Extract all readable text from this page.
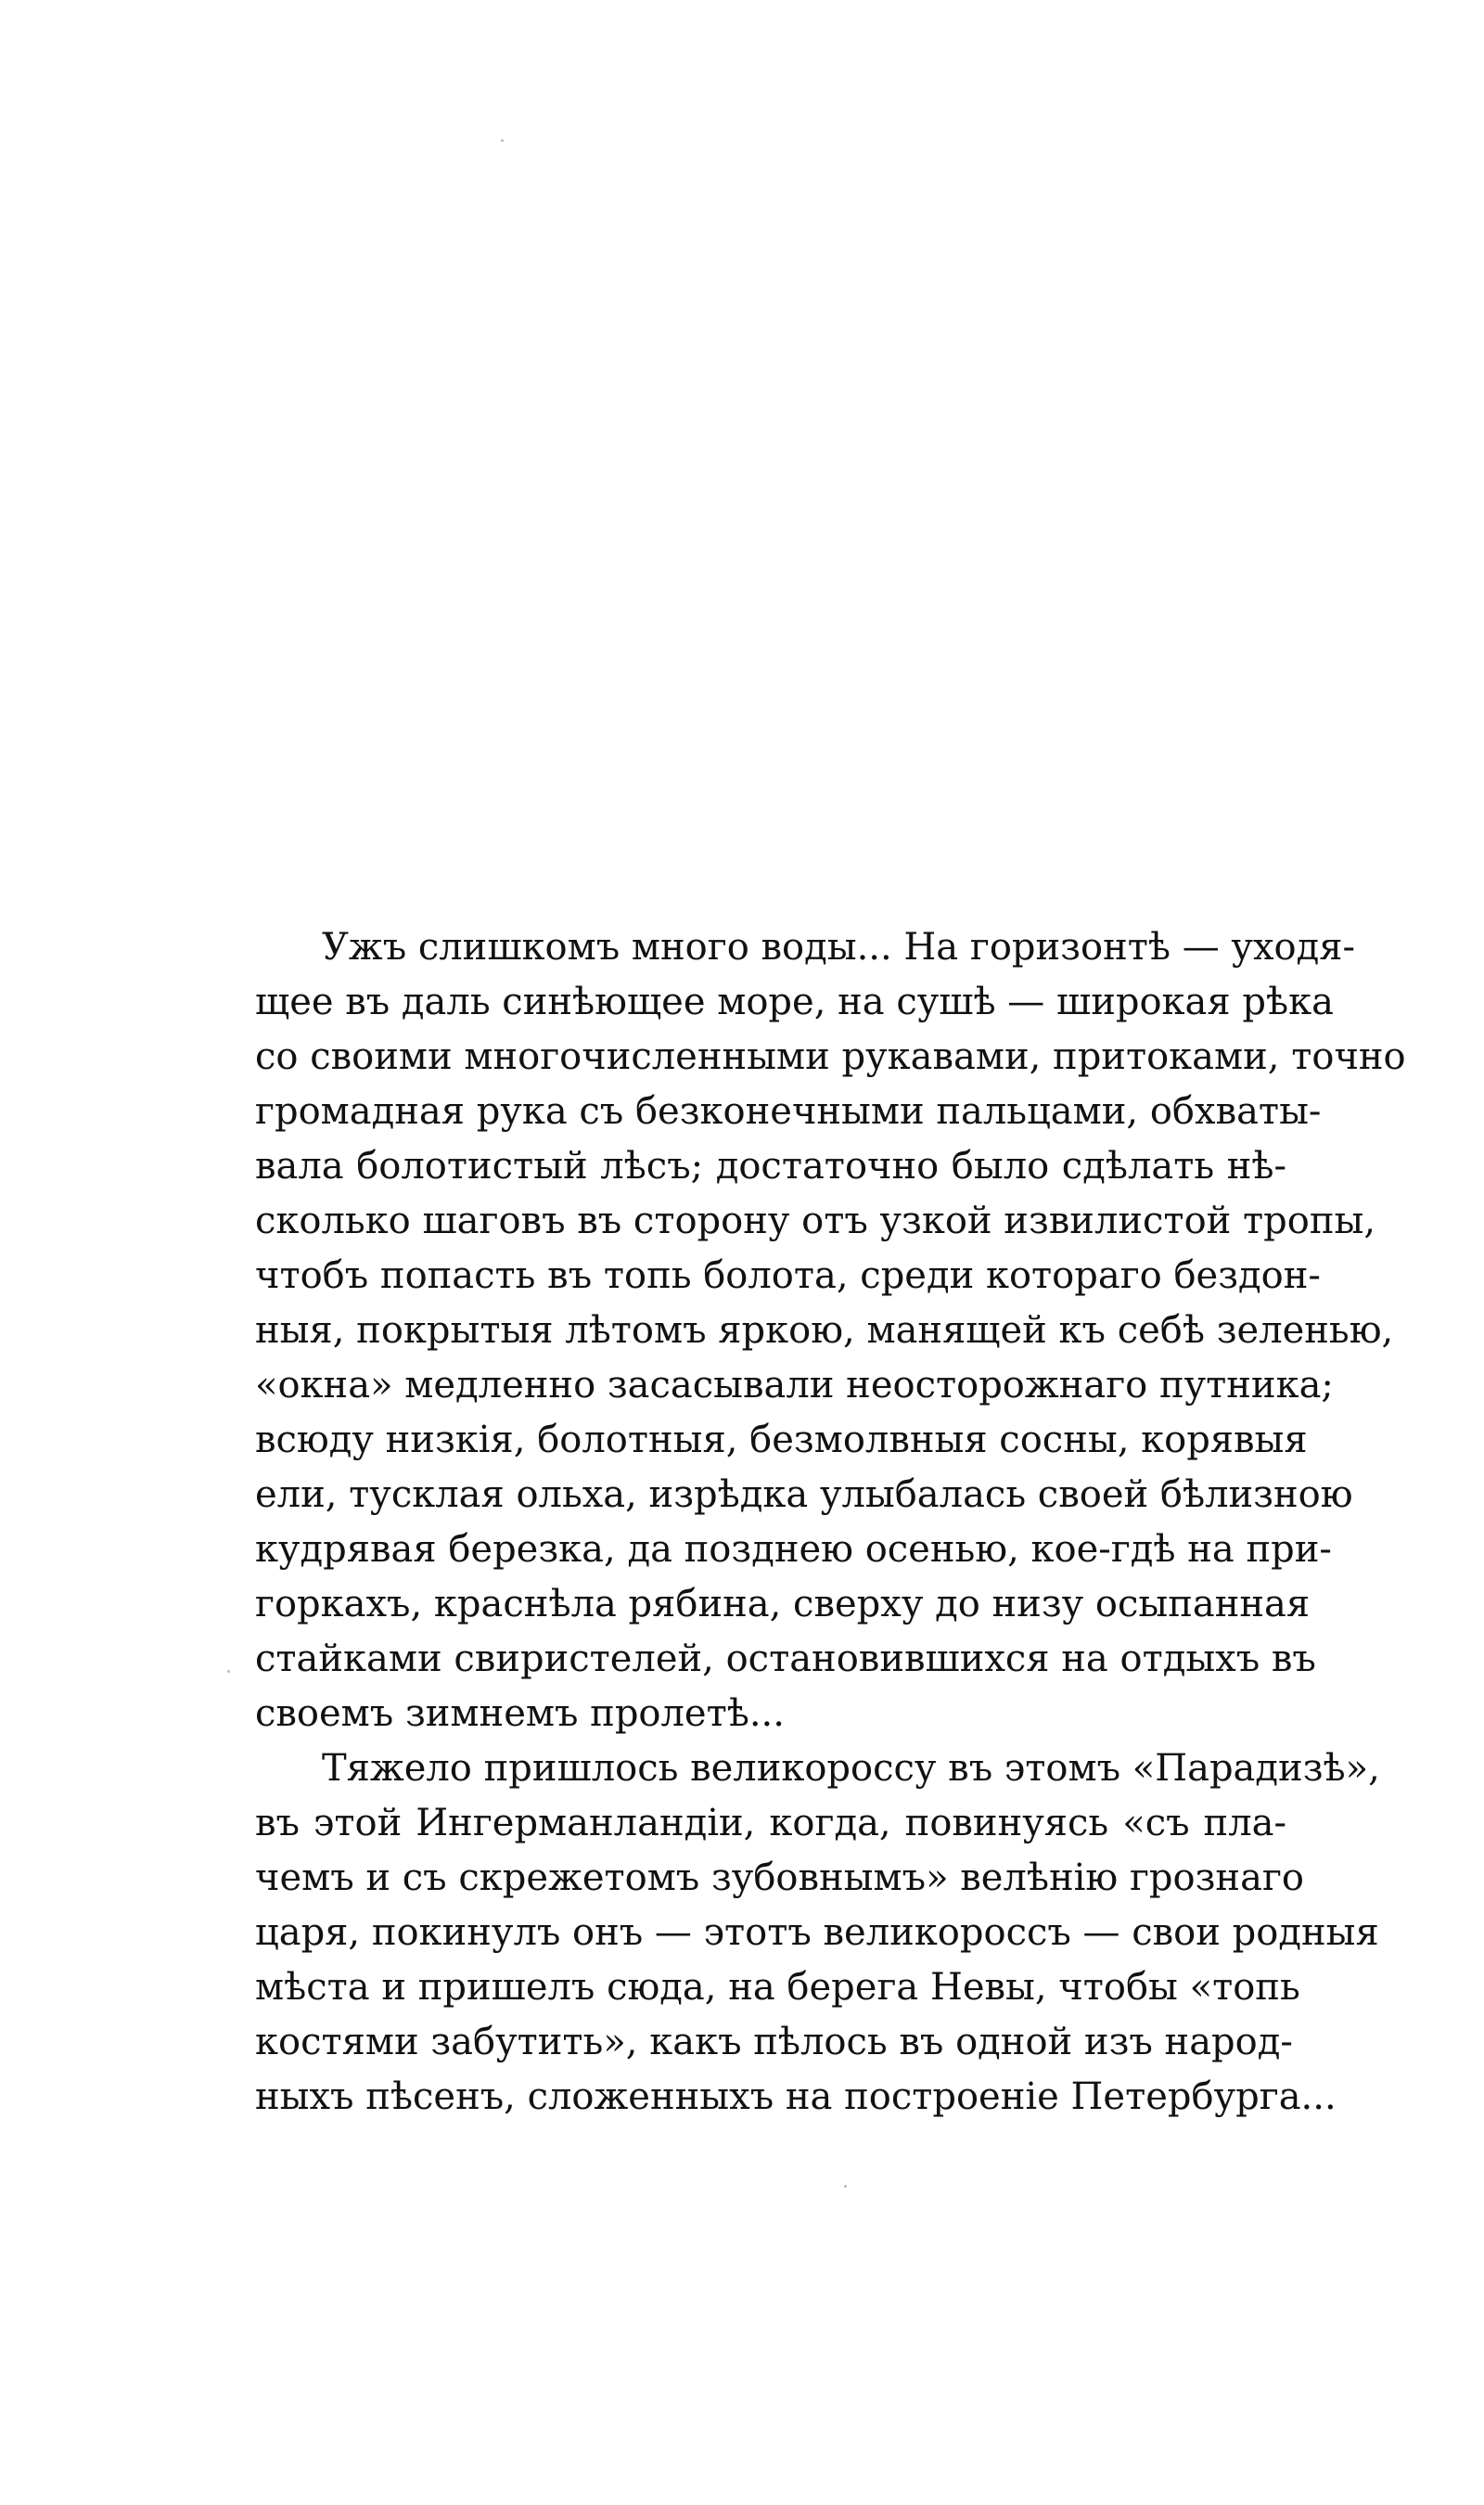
Ужъ слишкомъ много воды... На горизонтѣ — уходя-
щее въ даль синѣющее море, на сушѣ — широкая рѣка
со своими многочисленными рукавами, притоками, точно
громадная рука съ безконечными пальцами, обхваты-
вала болотистый лѣсъ; достаточно было сдѣлать нѣ-
сколько шаговъ въ сторону отъ узкой извилистой тропы,
чтобъ попасть въ топь болота, среди котораго бездон-
ныя, покрытыя лѣтомъ яркою, манящей къ себѣ зеленью,
«окна» медленно засасывали неосторожнаго путника;
всюду низкія, болотныя, безмолвныя сосны, корявыя
ели, тусклая ольха, изрѣдка улыбалась своей бѣлизною
кудрявая березка, да позднею осенью, кое-гдѣ на при-
горкахъ, краснѣла рябина, сверху до низу осыпанная
стайками свиристелей, остановившихся на отдыхъ въ
своемъ зимнемъ пролетѣ...
Тяжело пришлось великороссу въ этомъ «Парадизѣ»,
въ этой Ингерманландіи, когда, повинуясь «съ пла-
чемъ и съ скрежетомъ зубовнымъ» велѣнію грознаго
царя, покинулъ онъ — этотъ великороссъ — свои родныя
мѣста и пришелъ сюда, на берега Невы, чтобы «топь
костями забутить», какъ пѣлось въ одной изъ народ-
ныхъ пѣсенъ, сложенныхъ на построеніе Петербурга...
